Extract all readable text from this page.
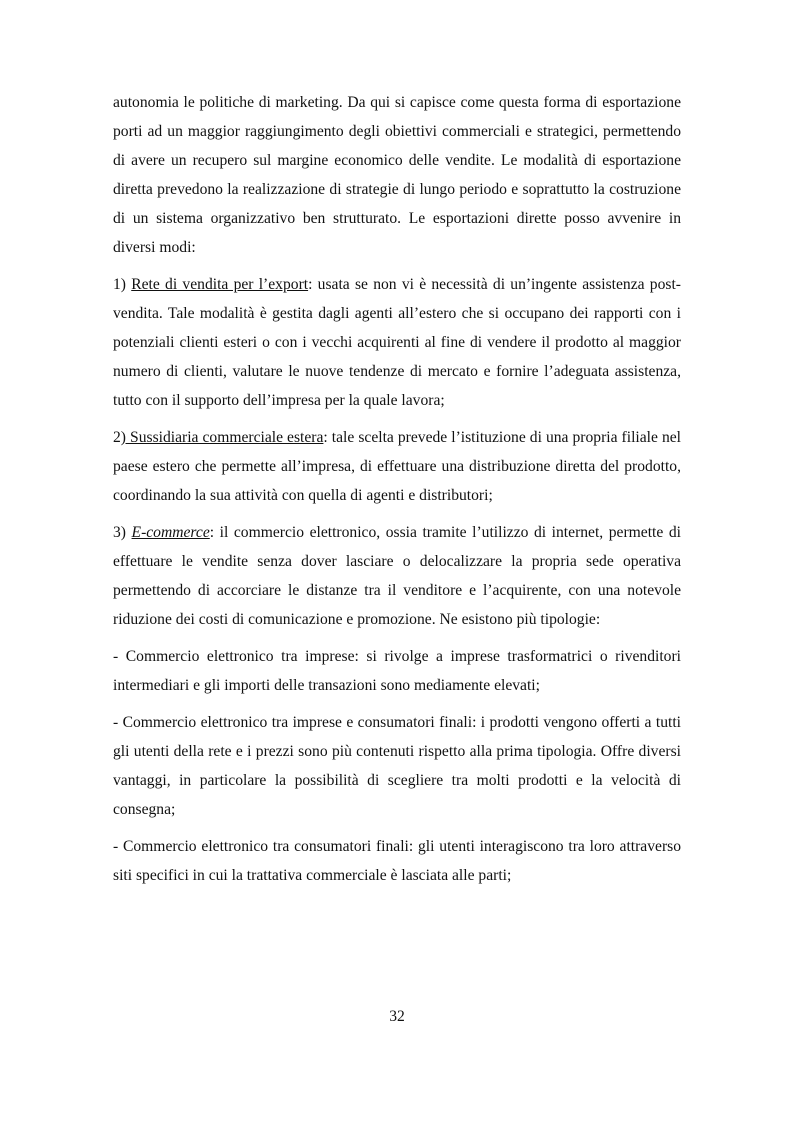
autonomia le politiche di marketing. Da qui si capisce come questa forma di esportazione porti ad un maggior raggiungimento degli obiettivi commerciali e strategici, permettendo di avere un recupero sul margine economico delle vendite. Le modalità di esportazione diretta prevedono la realizzazione di strategie di lungo periodo e soprattutto la costruzione di un sistema organizzativo ben strutturato. Le esportazioni dirette posso avvenire in diversi modi:

1) Rete di vendita per l’export: usata se non vi è necessità di un’ingente assistenza post-vendita. Tale modalità è gestita dagli agenti all’estero che si occupano dei rapporti con i potenziali clienti esteri o con i vecchi acquirenti al fine di vendere il prodotto al maggior numero di clienti, valutare le nuove tendenze di mercato e fornire l’adeguata assistenza, tutto con il supporto dell’impresa per la quale lavora;

2) Sussidiaria commerciale estera: tale scelta prevede l’istituzione di una propria filiale nel paese estero che permette all’impresa, di effettuare una distribuzione diretta del prodotto, coordinando la sua attività con quella di agenti e distributori;

3) E-commerce: il commercio elettronico, ossia tramite l’utilizzo di internet, permette di effettuare le vendite senza dover lasciare o delocalizzare la propria sede operativa permettendo di accorciare le distanze tra il venditore e l’acquirente, con una notevole riduzione dei costi di comunicazione e promozione. Ne esistono più tipologie:

- Commercio elettronico tra imprese: si rivolge a imprese trasformatrici o rivenditori intermediari e gli importi delle transazioni sono mediamente elevati;

- Commercio elettronico tra imprese e consumatori finali: i prodotti vengono offerti a tutti gli utenti della rete e i prezzi sono più contenuti rispetto alla prima tipologia. Offre diversi vantaggi, in particolare la possibilità di scegliere tra molti prodotti e la velocità di consegna;

- Commercio elettronico tra consumatori finali: gli utenti interagiscono tra loro attraverso siti specifici in cui la trattativa commerciale è lasciata alle parti;

32
